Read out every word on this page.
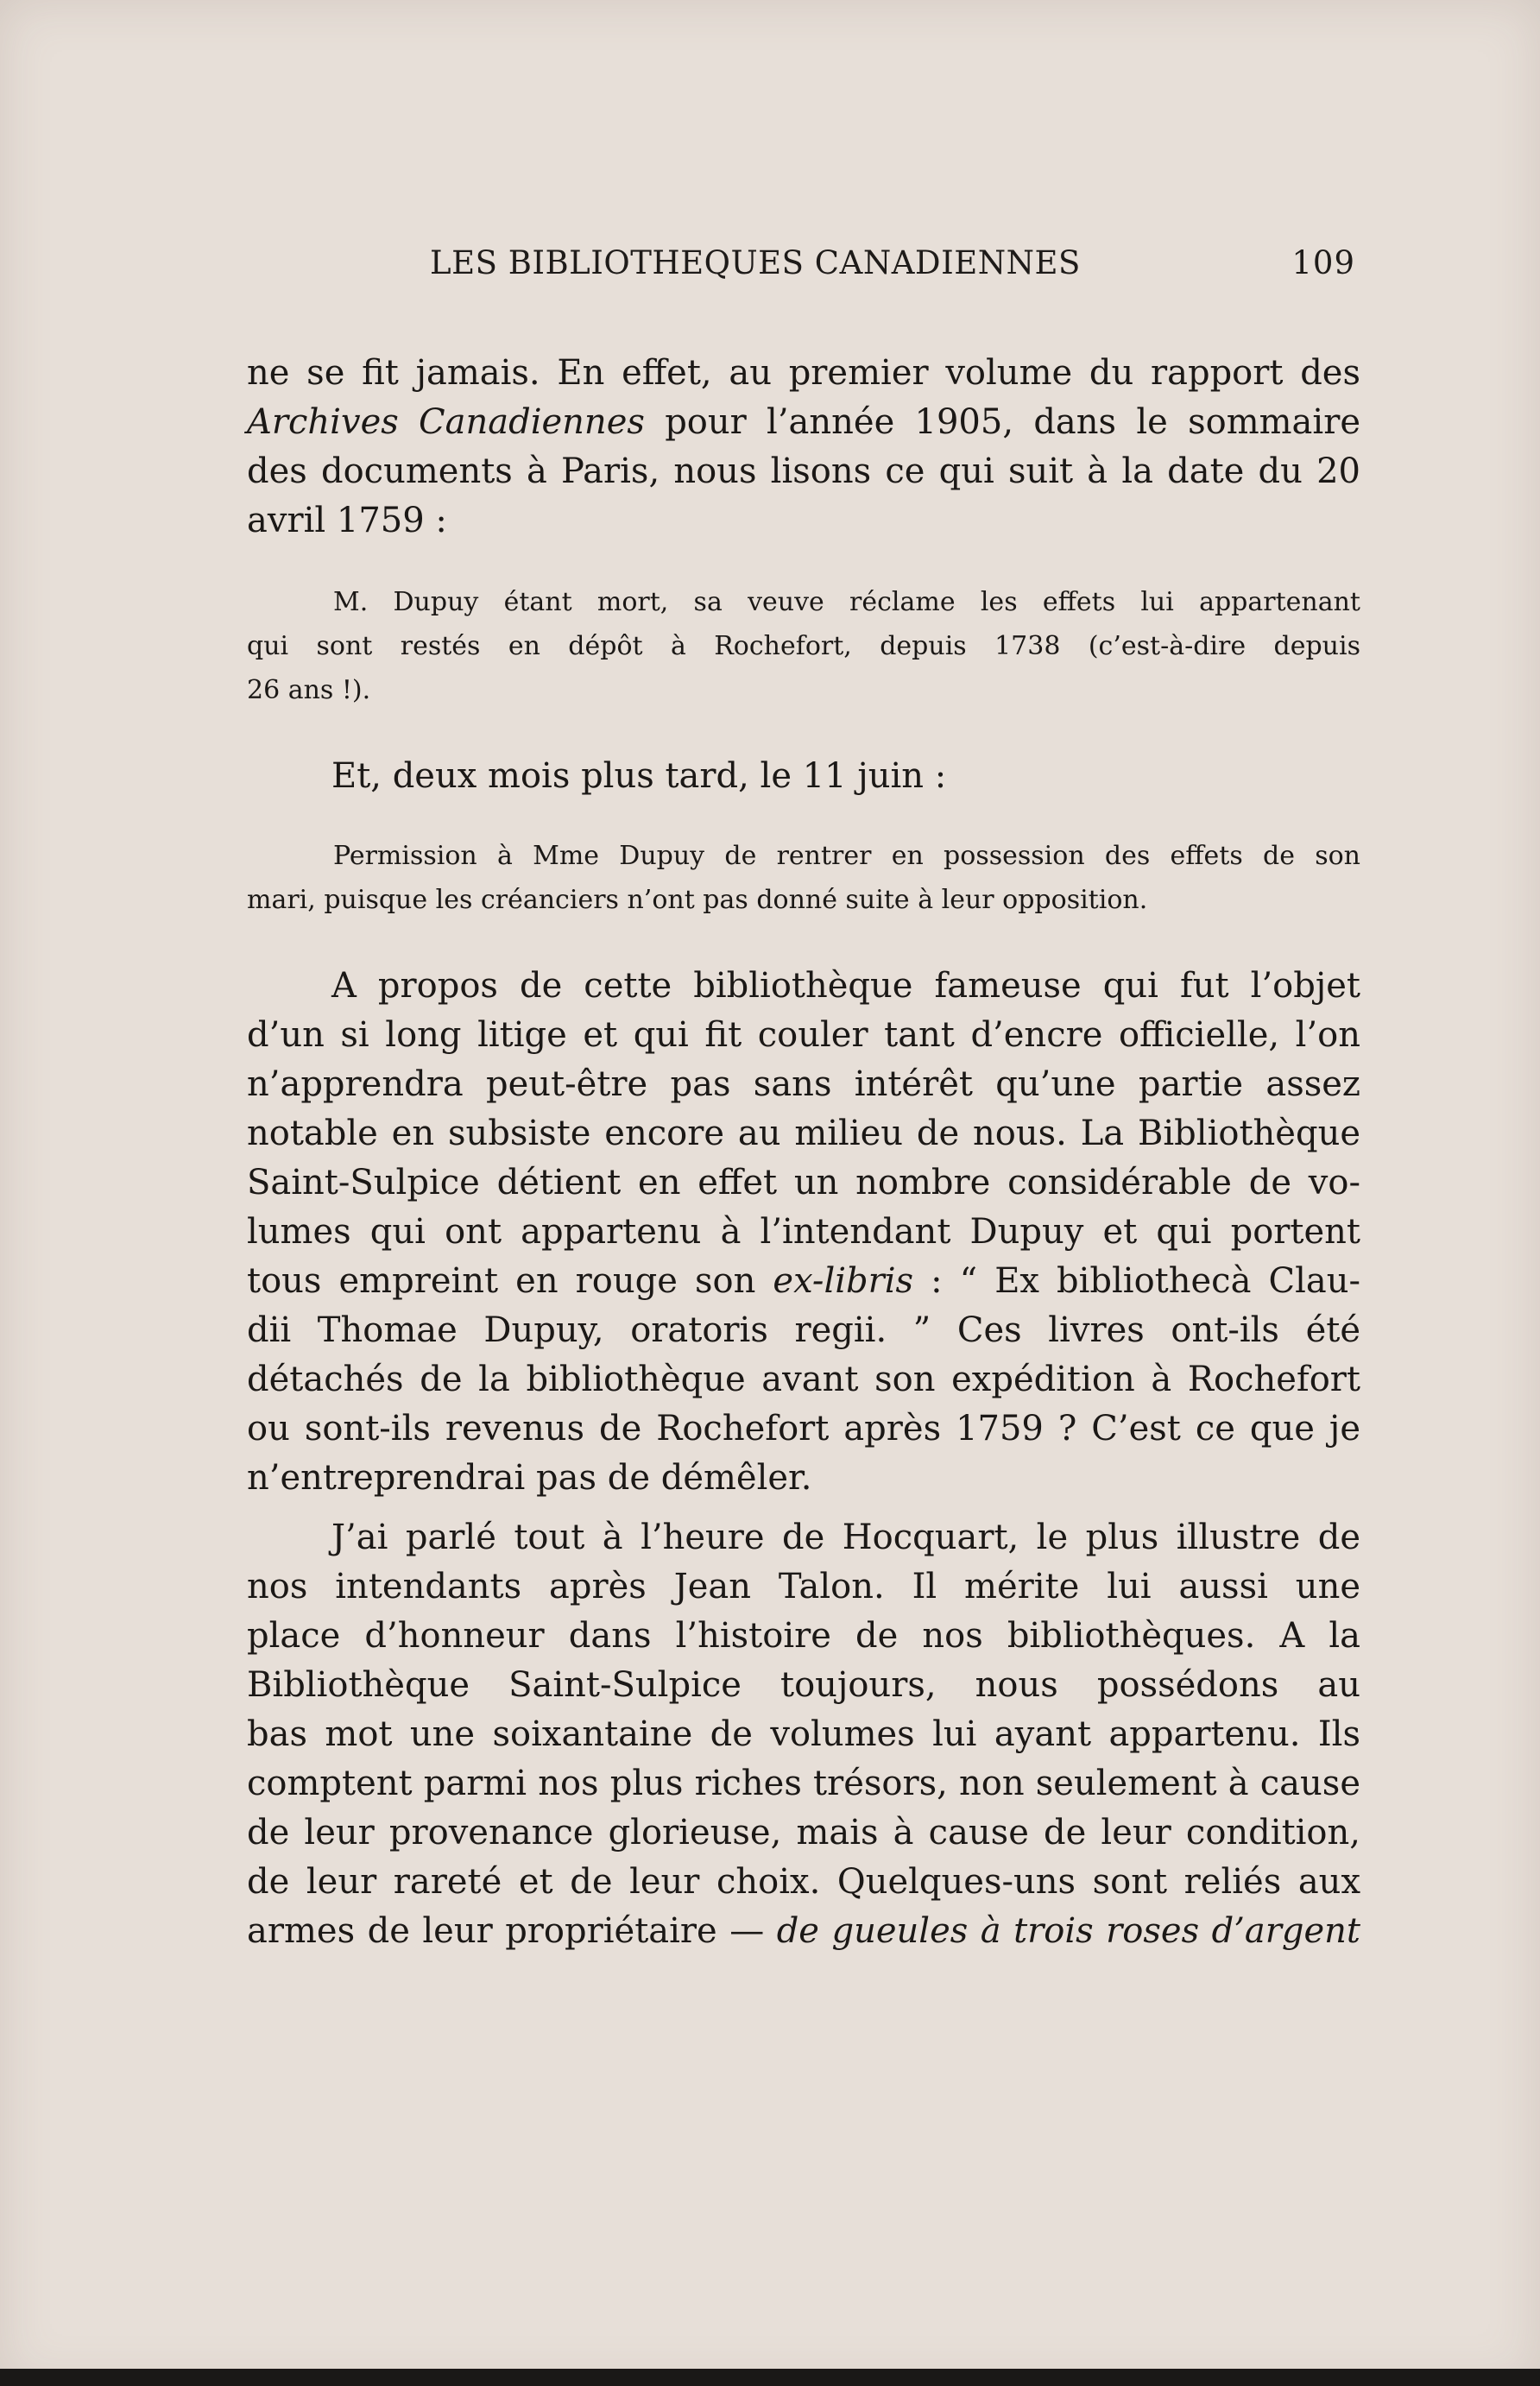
LES BIBLIOTHEQUES CANADIENNES	109
ne se fit jamais. En effet, au premier volume du rapport des
Archives Canadiennes pour l’année 1905, dans le sommaire
des documents à Paris, nous lisons ce qui suit à la date du 20
avril 1759 :
M. Dupuy étant mort, sa veuve réclame les effets lui appartenant
qui sont restés en dépôt à Rochefort, depuis 1738 (c’est-à-dire depuis
26 ans !).
Et, deux mois plus tard, le 11 juin :
Permission à Mme Dupuy de rentrer en possession des effets de son
mari, puisque les créanciers n’ont pas donné suite à leur opposition.
A propos de cette bibliothèque fameuse qui fut l’objet
d’un si long litige et qui fit couler tant d’encre officielle, l’on
n’apprendra peut-être pas sans intérêt qu’une partie assez
notable en subsiste encore au milieu de nous. La Bibliothèque
Saint-Sulpice détient en effet un nombre considérable de vo-
lumes qui ont appartenu à l’intendant Dupuy et qui portent
tous empreint en rouge son ex-libris : “ Ex bibliothecà Clau-
dii Thomae Dupuy, oratoris regii. ” Ces livres ont-ils été
détachés de la bibliothèque avant son expédition à Rochefort
ou sont-ils revenus de Rochefort après 1759 ? C’est ce que je
n’entreprendrai pas de démêler.
J’ai parlé tout à l’heure de Hocquart, le plus illustre de
nos intendants après Jean Talon. Il mérite lui aussi une
place d’honneur dans l’histoire de nos bibliothèques. A la
Bibliothèque Saint-Sulpice toujours, nous possédons au
bas mot une soixantaine de volumes lui ayant appartenu. Ils
comptent parmi nos plus riches trésors, non seulement à cause
de leur provenance glorieuse, mais à cause de leur condition,
de leur rareté et de leur choix. Quelques-uns sont reliés aux
armes de leur propriétaire — de gueules à trois roses d’argent
